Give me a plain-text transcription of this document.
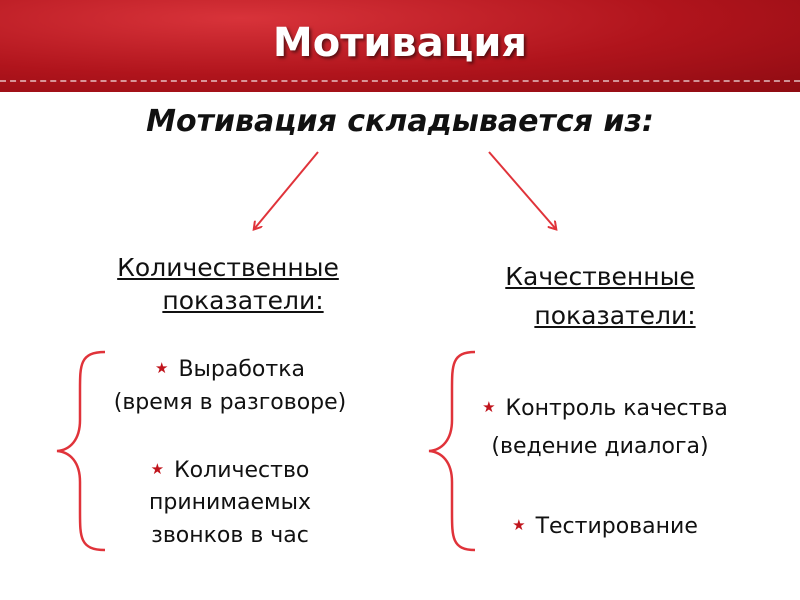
Мотивация
Мотивация складывается из:
Количественные
показатели:
★ Выработка
(время в разговоре)
★ Количество
принимаемых
звонков в час
Качественные
показатели:
★ Контроль качества
(ведение диалога)
★ Тестирование
